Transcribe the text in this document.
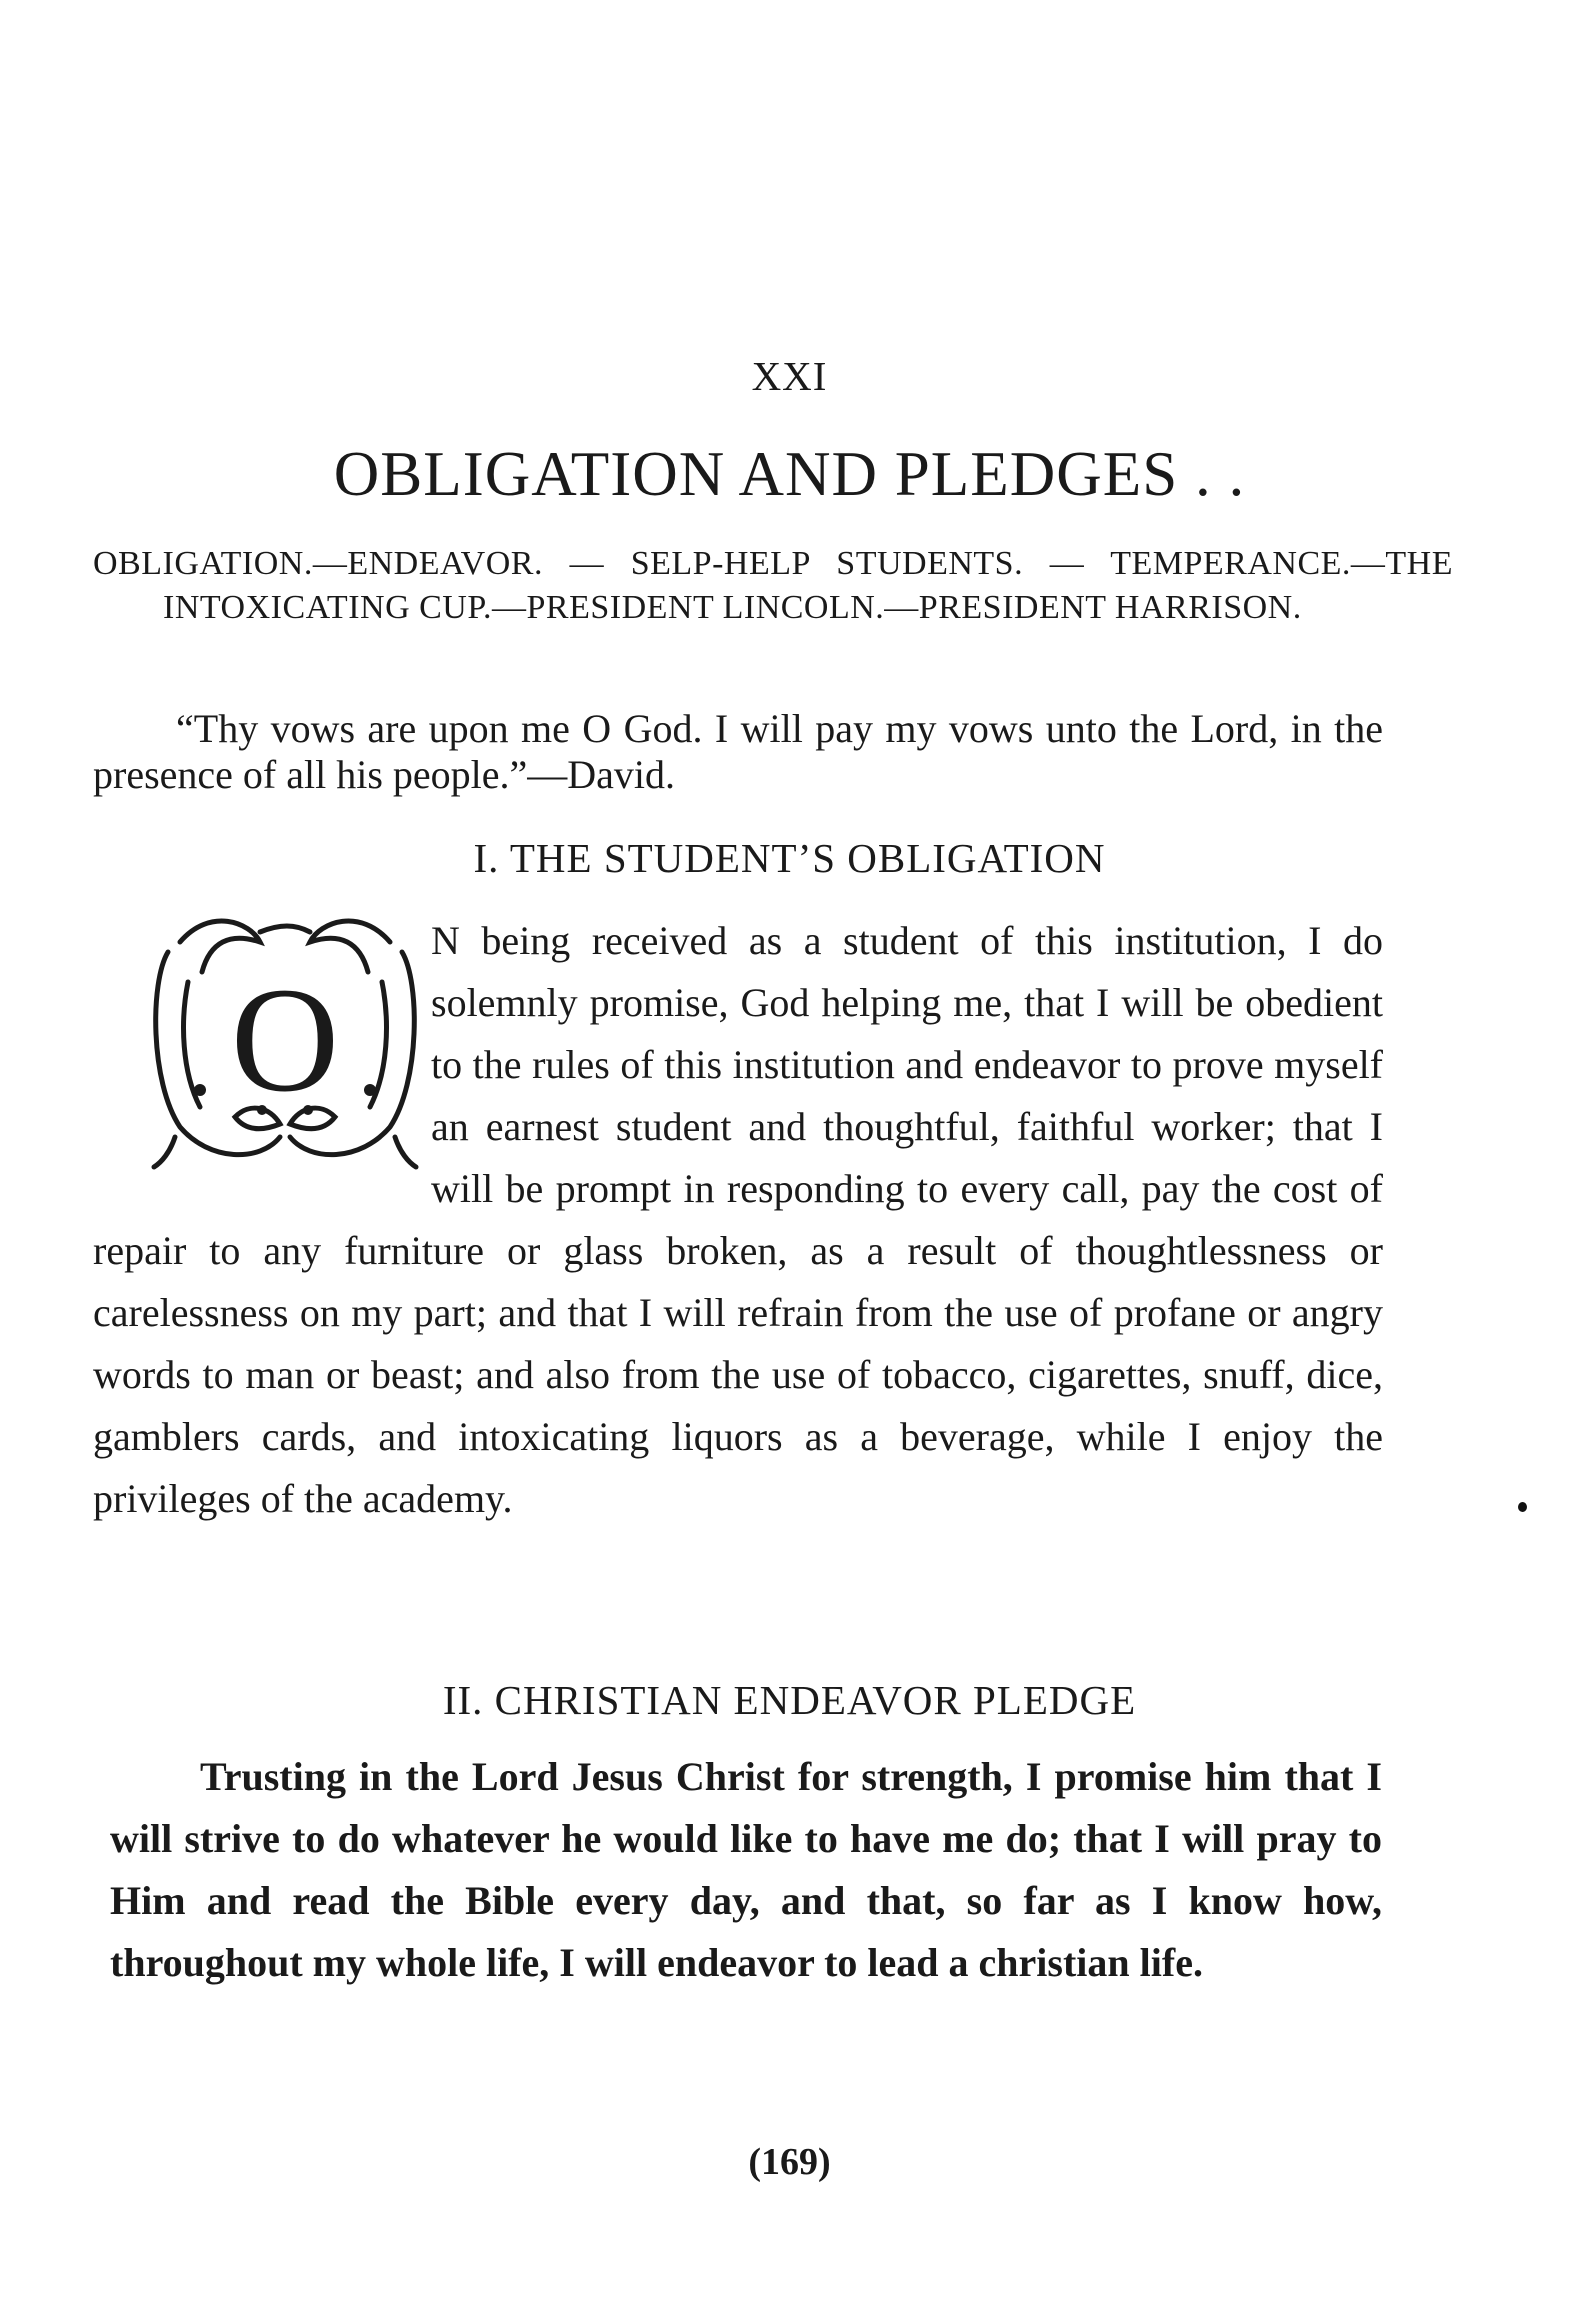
XXI
OBLIGATION AND PLEDGES . .
OBLIGATION.—ENDEAVOR. — SELP-HELP STUDENTS. — TEMPERANCE.—THE INTOXICATING CUP.—PRESIDENT LINCOLN.—PRESIDENT HARRISON.
“Thy vows are upon me O God. I will pay my vows unto the Lord, in the presence of all his people.”—David.
I. THE STUDENT’S OBLIGATION
O
N being received as a student of this institution, I do solemnly promise, God helping me, that I will be obedient to the rules of this institution and endeavor to prove myself an earnest student and thoughtful, faithful worker; that I will be prompt in responding to every call, pay the cost of repair to any furniture or glass broken, as a result of thoughtlessness or carelessness on my part; and that I will refrain from the use of profane or angry words to man or beast; and also from the use of tobacco, cigarettes, snuff, dice, gamblers cards, and intoxicating liquors as a beverage, while I enjoy the privileges of the academy.
II. CHRISTIAN ENDEAVOR PLEDGE
Trusting in the Lord Jesus Christ for strength, I promise him that I will strive to do whatever he would like to have me do; that I will pray to Him and read the Bible every day, and that, so far as I know how, throughout my whole life, I will endeavor to lead a christian life.
(169)
